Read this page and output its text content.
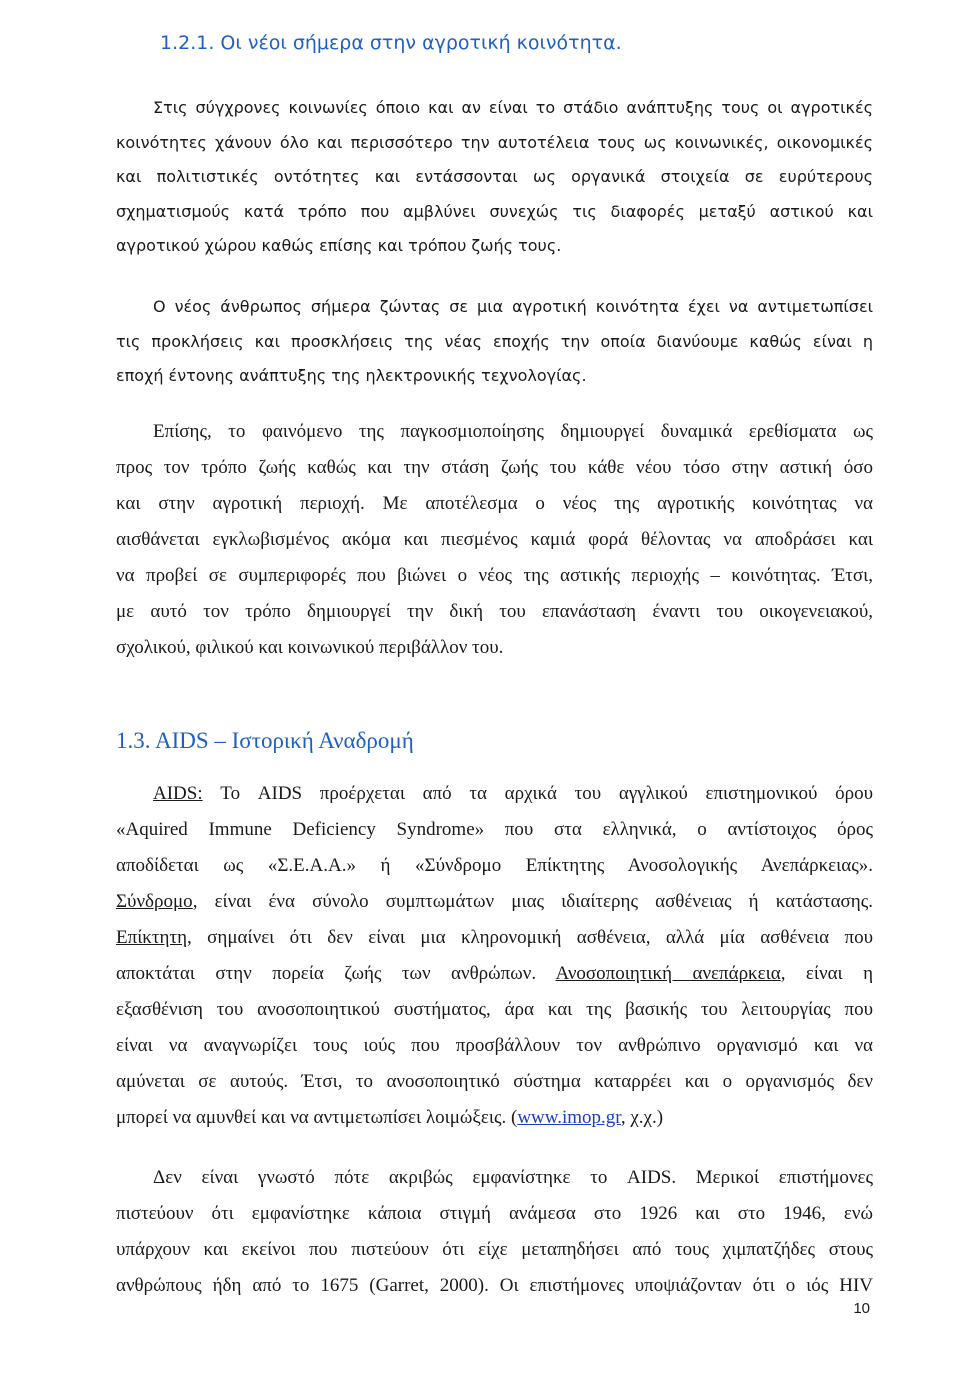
1.2.1. Οι νέοι σήμερα στην αγροτική κοινότητα.

Στις σύγχρονες κοινωνίες όποιο και αν είναι το στάδιο ανάπτυξης τους οι αγροτικές
κοινότητες χάνουν όλο και περισσότερο την αυτοτέλεια τους ως κοινωνικές, οικονομικές
και πολιτιστικές οντότητες και εντάσσονται ως οργανικά στοιχεία σε ευρύτερους
σχηματισμούς κατά τρόπο που αμβλύνει συνεχώς τις διαφορές μεταξύ αστικού και
αγροτικού χώρου καθώς επίσης και τρόπου ζωής τους.

Ο νέος άνθρωπος σήμερα ζώντας σε μια αγροτική κοινότητα έχει να αντιμετωπίσει
τις προκλήσεις και προσκλήσεις της νέας εποχής την οποία διανύουμε καθώς είναι η
εποχή έντονης ανάπτυξης της ηλεκτρονικής τεχνολογίας.

Επίσης, το φαινόμενο της παγκοσμιοποίησης δημιουργεί δυναμικά ερεθίσματα ως
προς τον τρόπο ζωής καθώς και την στάση ζωής του κάθε νέου τόσο στην αστική όσο
και στην αγροτική περιοχή. Με αποτέλεσμα ο νέος της αγροτικής κοινότητας να
αισθάνεται εγκλωβισμένος ακόμα και πιεσμένος καμιά φορά θέλοντας να αποδράσει και
να προβεί σε συμπεριφορές που βιώνει ο νέος της αστικής περιοχής – κοινότητας. Έτσι,
με αυτό τον τρόπο δημιουργεί την δική του επανάσταση έναντι του οικογενειακού,
σχολικού, φιλικού και κοινωνικού περιβάλλον του.

1.3. AIDS – Ιστορική Αναδρομή

AIDS: Το AIDS προέρχεται από τα αρχικά του αγγλικού επιστημονικού όρου
«Aquired Immune Deficiency Syndrome» που στα ελληνικά, ο αντίστοιχος όρος
αποδίδεται ως «Σ.Ε.Α.Α.» ή «Σύνδρομο Επίκτητης Ανοσολογικής Ανεπάρκειας».
Σύνδρομο, είναι ένα σύνολο συμπτωμάτων μιας ιδιαίτερης ασθένειας ή κατάστασης.
Επίκτητη, σημαίνει ότι δεν είναι μια κληρονομική ασθένεια, αλλά μία ασθένεια που
αποκτάται στην πορεία ζωής των ανθρώπων. Ανοσοποιητική ανεπάρκεια, είναι η
εξασθένιση του ανοσοποιητικού συστήματος, άρα και της βασικής του λειτουργίας που
είναι να αναγνωρίζει τους ιούς που προσβάλλουν τον ανθρώπινο οργανισμό και να
αμύνεται σε αυτούς. Έτσι, το ανοσοποιητικό σύστημα καταρρέει και ο οργανισμός δεν
μπορεί να αμυνθεί και να αντιμετωπίσει λοιμώξεις. (www.imop.gr, χ.χ.)

Δεν είναι γνωστό πότε ακριβώς εμφανίστηκε το AIDS. Μερικοί επιστήμονες
πιστεύουν ότι εμφανίστηκε κάποια στιγμή ανάμεσα στο 1926 και στο 1946, ενώ
υπάρχουν και εκείνοι που πιστεύουν ότι είχε μεταπηδήσει από τους χιμπατζήδες στους
ανθρώπους ήδη από το 1675 (Garret, 2000). Οι επιστήμονες υποψιάζονταν ότι ο ιός HIV

10
